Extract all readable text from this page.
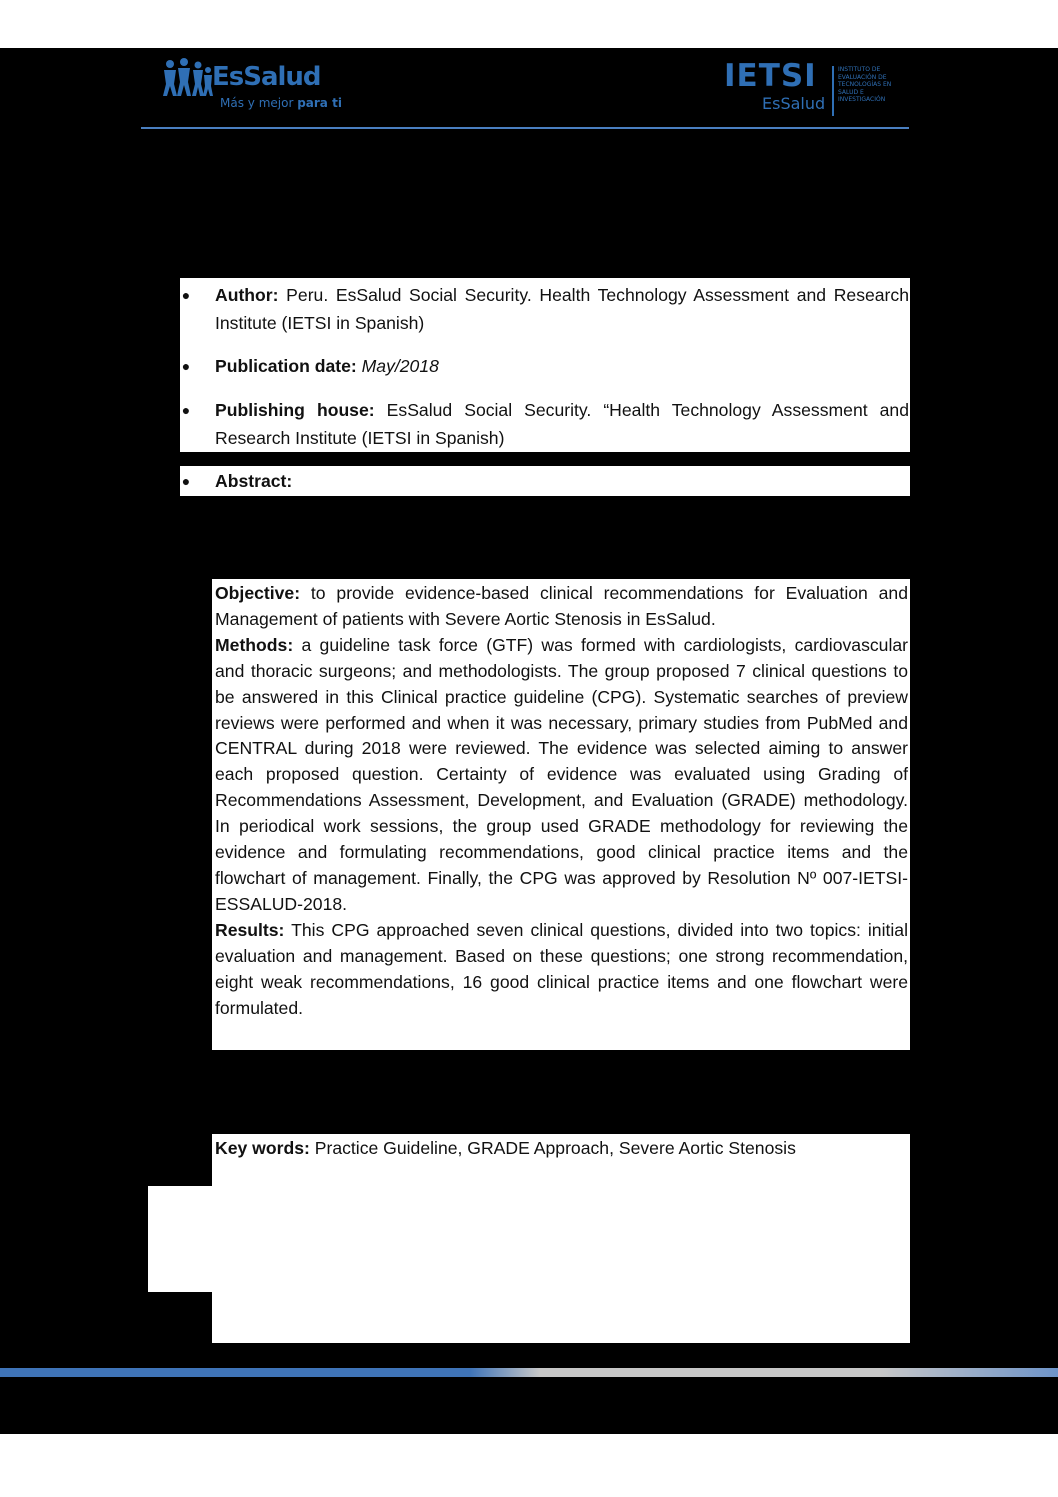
EsSalud
Más y mejor para ti
IETSI
EsSalud
INSTITUTO DE
EVALUACIÓN DE
TECNOLOGÍAS EN
SALUD E
INVESTIGACIÓN
● Author: Peru. EsSalud Social Security. Health Technology Assessment and Research Institute (IETSI in Spanish)
● Publication date: May/2018
● Publishing house: EsSalud Social Security. “Health Technology Assessment and Research Institute (IETSI in Spanish)
● Abstract:
Objective: to provide evidence-based clinical recommendations for Evaluation and Management of patients with Severe Aortic Stenosis in EsSalud.
Methods: a guideline task force (GTF) was formed with cardiologists, cardiovascular and thoracic surgeons; and methodologists. The group proposed 7 clinical questions to be answered in this Clinical practice guideline (CPG). Systematic searches of preview reviews were performed and when it was necessary, primary studies from PubMed and CENTRAL during 2018 were reviewed. The evidence was selected aiming to answer each proposed question. Certainty of evidence was evaluated using Grading of Recommendations Assessment, Development, and Evaluation (GRADE) methodology. In periodical work sessions, the group used GRADE methodology for reviewing the evidence and formulating recommendations, good clinical practice items and the flowchart of management. Finally, the CPG was approved by Resolution Nº 007-IETSI-ESSALUD-2018.
Results: This CPG approached seven clinical questions, divided into two topics: initial evaluation and management. Based on these questions; one strong recommendation, eight weak recommendations, 16 good clinical practice items and one flowchart were formulated.
Key words: Practice Guideline, GRADE Approach, Severe Aortic Stenosis
